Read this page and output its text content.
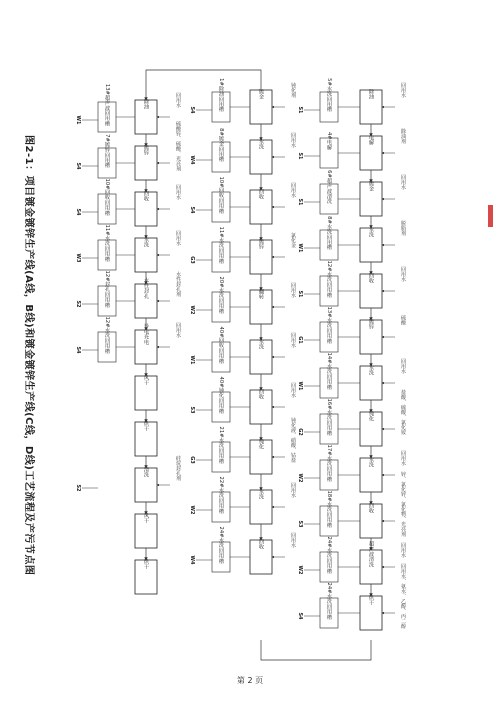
除油
5#水洗回用槽	回用水
S1
电解
4#电解	除油剂
S1
镀金
6#超声波清洗	回用水
S1
水洗
8#水洗回用槽	脱脂剂
W1
回收
12#水洗回用槽	回用水
S1
镀锌
13#水洗回用槽	硫酸
G1
水洗
14#水洗回用槽	回用水
W1
钝化
16#水洗回用槽	盐酸、硫酸、氯化铵
G2
水洗
17#水洗回用槽	回用水
W2
回收
18#水洗回用槽	锌、氯化锌、氯化物、光亮剂
S3
超声波清洗
24#水洗回用槽	回用水
W2
烘干
24#水洗回用槽	回用水、氨水、乙醇、丙二醇
S4
镀金
1#除油回用槽	钝化剂
S4
水洗
8#镀金回用槽	回用水
W4
回收
10#回收回用槽	回用水
S4
镀锌
11#水洗回用槽	氯化金
G3
翻转
20#水洗回用槽	回用水
W2
水洗
40#回收回用槽	回用水
W1
回收
40#钝化回用槽	回用水
S3
钝化
21#水洗回用槽	钝化液、硝酸、钴盐
G3
水洗
22#水洗回用槽	回用水
W2
回收
24#水洗回用槽	回用水
W4
除油
13#超声波回用槽	回用水
W1
镀锌
7#镀锌回用槽	硫酸锌、硫酸、光亮剂
S4
回收
10#回收回用槽	回用水
S4
水洗
11#水洗回用槽	回用水
W3
水性封孔
12#封孔回用槽	水性封孔剂
S2
导电充电
12#水洗回用槽	回用水
S4
风干
烘干
清洗	硅烷封孔剂
S2
风干
烘干
图2-1：项目镀金镀锌生产线(A线，B线)和镀金镀锌生产线(C线，D线)工艺流程及产污节点图
第 2 页
